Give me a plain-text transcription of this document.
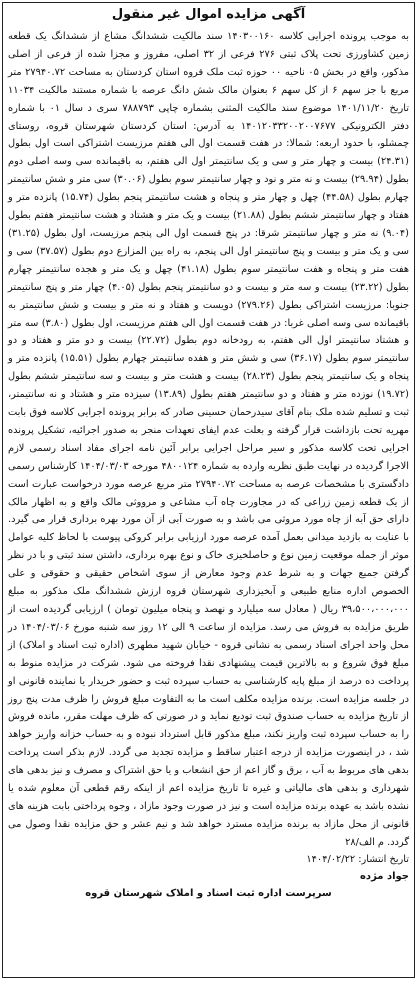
آگهی مزایده اموال غیر منقول

به موجب پرونده اجرایی کلاسه ۱۴۰۳۰۰۱۶۰ سند مالکیت ششدانگ مشاع از ششدانگ یک قطعه زمین کشاورزی تحت پلاک ثبتی ۲۷۶ فرعی از ۳۲ اصلی، مفروز و مجزا شده از فرعی از اصلی مذکور، واقع در بخش ۰۵ ناحیه ۰۰ حوزه ثبت ملک قروه استان کردستان به مساحت ۲۷۹۴۰.۷۲ متر مربع با جز سهم ۶ از کل سهم ۶ بعنوان مالک شش دانگ عرصه با شماره مستند مالکیت ۱۱۰۳۴ تاریخ ۱۴۰۱/۱۱/۲۰ موضوع سند مالکیت المثنی بشماره چاپی ۷۸۸۷۹۳ سری د سال ۰۱ با شماره دفتر الکترونیکی ۱۴۰۱۲۰۳۳۲۰۰۲۰۰۷۶۷۷ به آدرس: استان کردستان شهرستان قروه، روستای چمشلو، با حدود اربعه: شمالا: در هفت قسمت اول الی هفتم مرزیست اشتراکی است اول بطول (۲۴.۳۱) بیست و چهار متر و سی و یک سانتیمتر اول الی هفتم، به باقیمانده سی وسه اصلی دوم بطول (۲۹.۹۴) بیست و نه متر و نود و چهار سانتیمتر سوم بطول (۳۰.۰۶) سی متر و شش سانتیمتر چهارم بطول (۴۴.۵۸) چهل و چهار متر و پنجاه و هشت سانتیمتر پنجم بطول (۱۵.۷۴) پانزده متر و هفتاد و چهار سانتیمتر ششم بطول (۲۱.۸۸) بیست و یک متر و هشتاد و هشت سانتیمتر هفتم بطول (۹.۰۴) نه متر و چهار سانتیمتر شرقا: در پنج قسمت اول الی پنجم مرزیست، اول بطول (۳۱.۲۵) سی و یک متر و بیست و پنج سانتیمتر اول الی پنجم، به راه بین المزارع دوم بطول (۳۷.۵۷) سی و هفت متر و پنجاه و هفت سانتیمتر سوم بطول (۴۱.۱۸) چهل و یک متر و هجده سانتیمتر چهارم بطول (۲۳.۲۲) بیست و سه متر و بیست و دو سانتیمتر پنجم بطول (۴.۰۵) چهار متر و پنج سانتیمتر جنوبا: مرزیست اشتراکی بطول (۲۷۹.۲۶) دویست و هفتاد و نه متر و بیست و شش سانتیمتر به باقیمانده سی وسه اصلی غربا: در هفت قسمت اول الی هفتم مرزیست، اول بطول (۳.۸۰) سه متر و هشتاد سانتیمتر اول الی هفتم، به رودخانه دوم بطول (۲۲.۷۲) بیست و دو متر و هفتاد و دو سانتیمتر سوم بطول (۳۶.۱۷) سی و شش متر و هفده سانتیمتر چهارم بطول (۱۵.۵۱) پانزده متر و پنجاه و یک سانتیمتر پنجم بطول (۲۸.۲۳) بیست و هشت متر و بیست و سه سانتیمتر ششم بطول (۱۹.۷۲) نوزده متر و هفتاد و دو سانتیمتر هفتم بطول (۱۳.۸۹) سیزده متر و هشتاد و نه سانتیمتر، ثبت و تسلیم شده ملک بنام آقای سیدرحمان حسینی صادر که برابر پرونده اجرایی کلاسه فوق بابت مهریه تحت بازداشت قرار گرفته و بعلت عدم ایفای تعهدات منجر به صدور اجرائیه، تشکیل پرونده اجرایی تحت کلاسه مذکور و سیر مراحل اجرایی برابر آئین نامه اجرای مفاد اسناد رسمی لازم الاجرا گردیده در نهایت طبق نظریه وارده به شماره ۴۸۰۰۱۲۴ مورخه ۱۴۰۴/۰۳/۰۳ کارشناس رسمی دادگستری با مشخصات عرصه به مساحت ۲۷۹۴۰.۷۲ متر مربع عرصه مورد درخواست عبارت است از یک قطعه زمین زراعی که در مجاورت چاه آب مشاعی و مرووثی مالک واقع و به اظهار مالک دارای حق آبه از چاه مورد مروثی می باشد و به صورت آبی از آن مورد بهره برداری قرار می گیرد. با عنایت به بازدید میدانی بعمل آمده عرصه مورد ارزیابی برابر کروکی پیوست با لحاظ کلیه عوامل موثر از جمله موقعیت زمین نوع و حاصلخیزی خاک و نوع بهره برداری، داشتن سند ثبتی و با در نظر گرفتن جمیع جهات و به شرط عدم وجود معارض از سوی اشخاص حقیقی و حقوقی و علی الخصوص اداره منابع طبیعی و آبخیزداری شهرستان قروه ارزش ششدانگ ملک مذکور به مبلغ ۳۹،۵۰۰،۰۰۰،۰۰۰ ریال ( معادل سه میلیارد و نهصد و پنجاه میلیون تومان ) ارزیابی گردیده است از طریق مزایده به فروش می رسد. مزایده از ساعت ۹ الی ۱۲ روز سه شنبه مورخ ۱۴۰۴/۰۳/۰۶ در محل واحد اجرای اسناد رسمی به نشانی قروه - خیابان شهید مطهری (اداره ثبت اسناد و املاک) از مبلغ فوق شروع و به بالاترین قیمت پیشنهادی نقدا فروخته می شود. شرکت در مزایده منوط به پرداخت ده درصد از مبلغ پایه کارشناسی به حساب سپرده ثبت و حضور خریدار یا نماینده قانونی او در جلسه مزایده است. برنده مزایده مکلف است ما به التفاوت مبلغ فروش را ظرف مدت پنج روز از تاریخ مزایده به حساب صندوق ثبت تودیع نماید و در صورتی که ظرف مهلت مقرر، مانده فروش را به حساب سپرده ثبت واریز نکند، مبلغ مذکور قابل استرداد نبوده و به حساب خزانه واریز خواهد شد ، در اینصورت مزایده از درجه اعتبار ساقط و مزایده تجدید می گردد. لازم بذکر است پرداخت بدهی های مربوط به آب ، برق و گاز اعم از حق انشعاب و یا حق اشتراک و مصرف و نیز بدهی های شهرداری و بدهی های مالیاتی و غیره تا تاریخ مزایده اعم از اینکه رقم قطعی آن معلوم شده یا نشده باشد به عهده برنده مزایده است و نیز در صورت وجود مازاد ، وجوه پرداختی بابت هزینه های قانونی از محل مازاد به برنده مزایده مسترد خواهد شد و نیم عشر و حق مزایده نقدا وصول می گردد. م الف/۲۸

تاریخ انتشار: ۱۴۰۴/۰۲/۲۲
جواد مژده
سرپرست اداره ثبت اسناد و املاک شهرستان قروه
